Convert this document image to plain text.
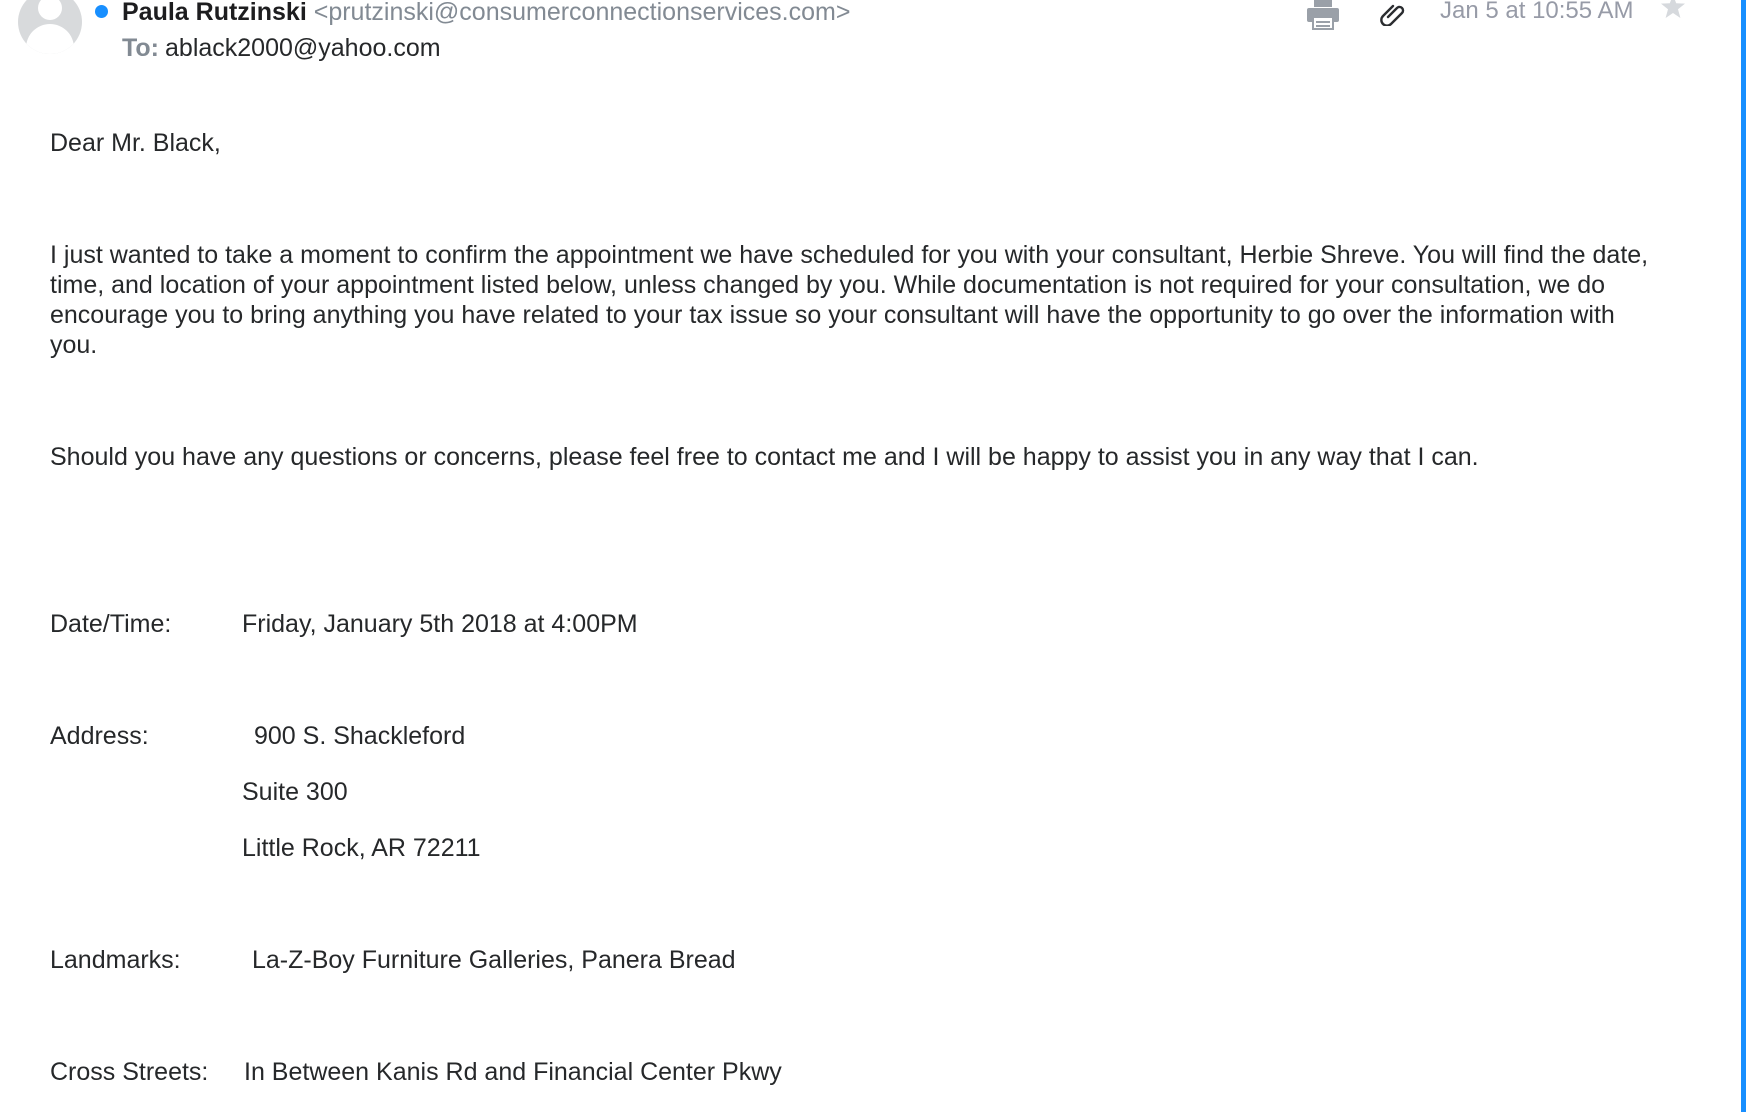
Paula Rutzinski <prutzinski@consumerconnectionservices.com>
To: ablack2000@yahoo.com
Jan 5 at 10:55 AM
Dear Mr. Black,
I just wanted to take a moment to confirm the appointment we have scheduled for you with your consultant, Herbie Shreve. You will find the date, time, and location of your appointment listed below, unless changed by you. While documentation is not required for your consultation, we do encourage you to bring anything you have related to your tax issue so your consultant will have the opportunity to go over the information with you.
Should you have any questions or concerns, please feel free to contact me and I will be happy to assist you in any way that I can.
Date/Time:	Friday, January 5th 2018 at 4:00PM
Address:	900 S. Shackleford
Suite 300
Little Rock, AR 72211
Landmarks:	La-Z-Boy Furniture Galleries, Panera Bread
Cross Streets: In Between Kanis Rd and Financial Center Pkwy
